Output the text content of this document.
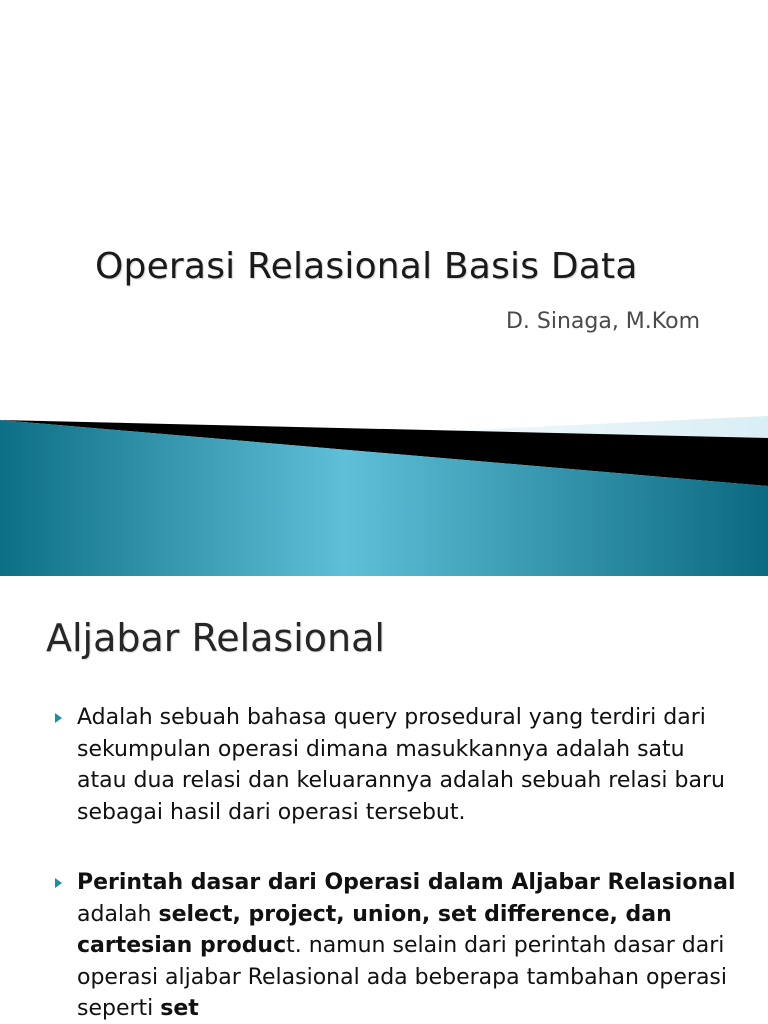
Operasi Relasional Basis Data
D. Sinaga, M.Kom
Aljabar Relasional
Adalah sebuah bahasa query prosedural yang terdiri dari sekumpulan operasi dimana masukkannya adalah satu atau dua relasi dan keluarannya adalah sebuah relasi baru sebagai hasil dari operasi tersebut.
Perintah dasar dari Operasi dalam Aljabar Relasional adalah select, project, union, set difference, dan cartesian product. namun selain dari perintah dasar dari operasi aljabar Relasional ada beberapa tambahan operasi seperti set
